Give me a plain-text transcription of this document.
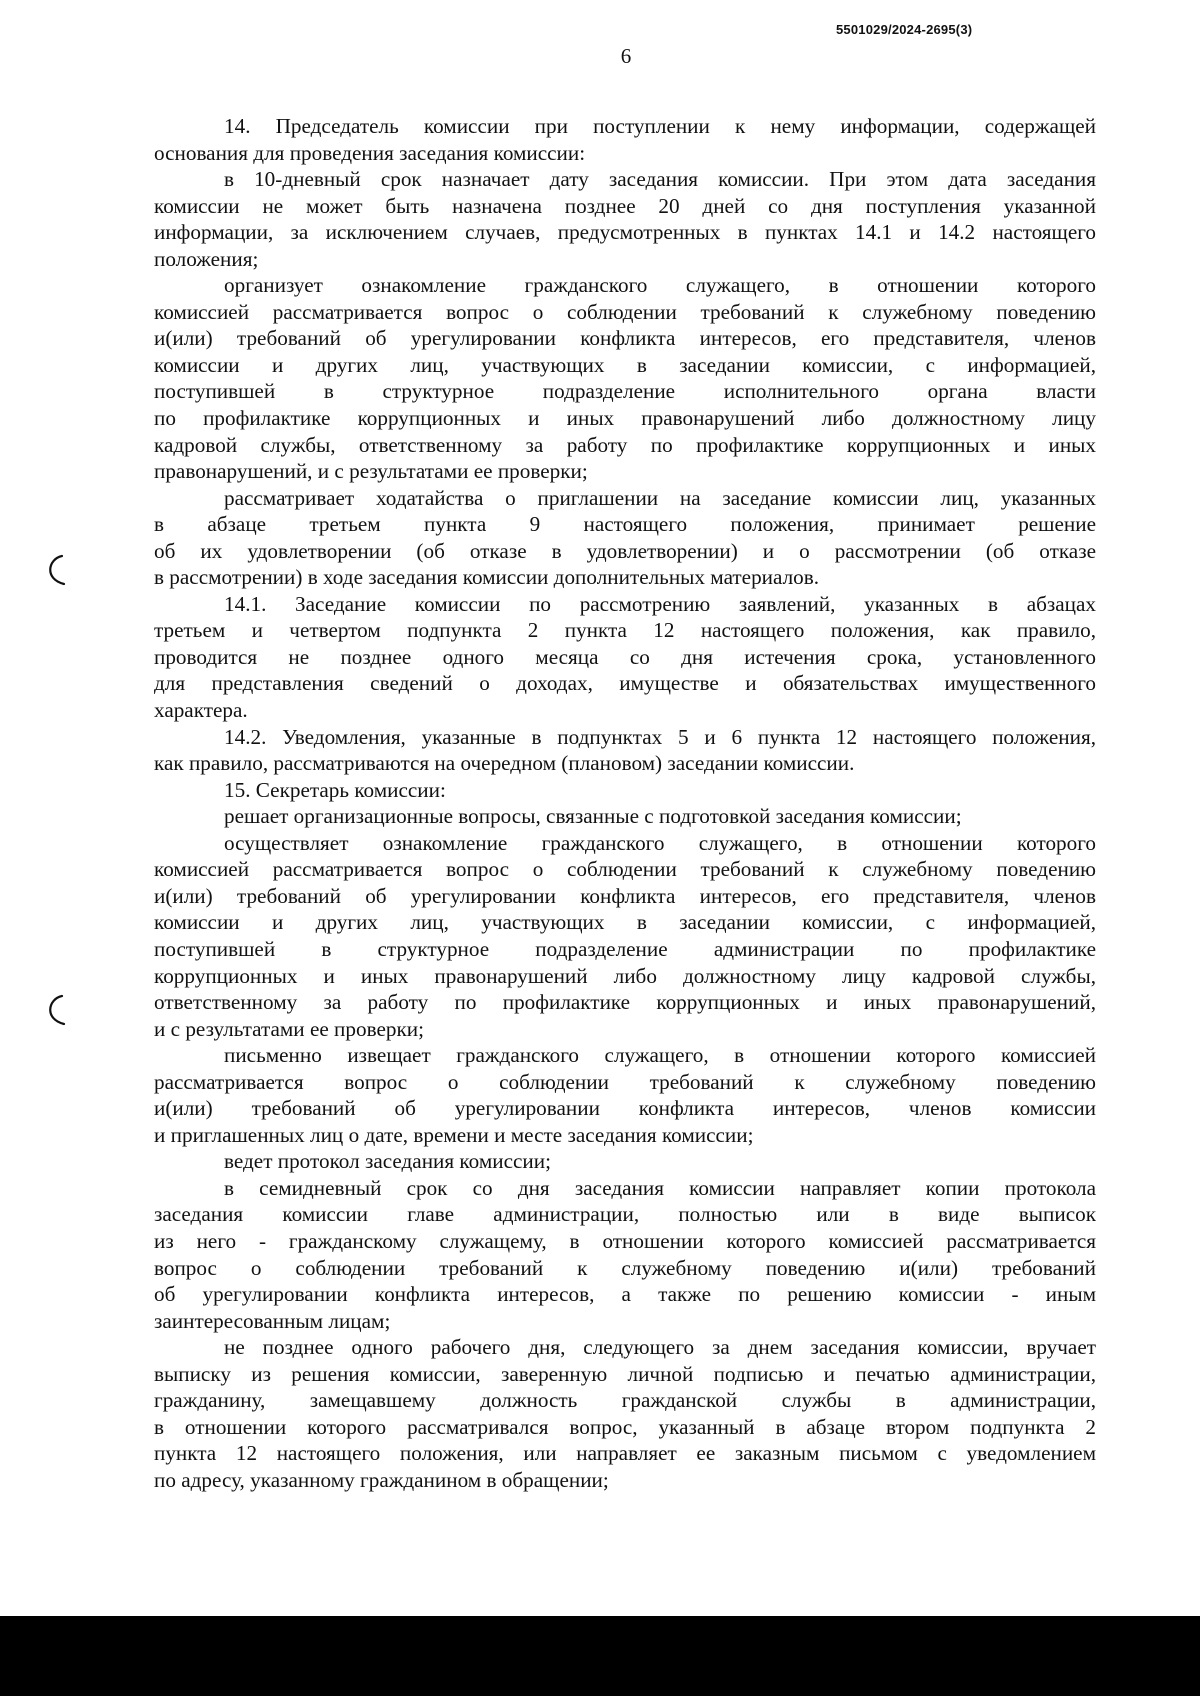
5501029/2024-2695(3)
6
14. Председатель комиссии при поступлении к нему информации, содержащей
основания для проведения заседания комиссии:
в 10-дневный срок назначает дату заседания комиссии. При этом дата заседания
комиссии не может быть назначена позднее 20 дней со дня поступления указанной
информации, за исключением случаев, предусмотренных в пунктах 14.1 и 14.2 настоящего
положения;
организует ознакомление гражданского служащего, в отношении которого
комиссией рассматривается вопрос о соблюдении требований к служебному поведению
и(или) требований об урегулировании конфликта интересов, его представителя, членов
комиссии и других лиц, участвующих в заседании комиссии, с информацией,
поступившей в структурное подразделение исполнительного органа власти
по профилактике коррупционных и иных правонарушений либо должностному лицу
кадровой службы, ответственному за работу по профилактике коррупционных и иных
правонарушений, и с результатами ее проверки;
рассматривает ходатайства о приглашении на заседание комиссии лиц, указанных
в абзаце третьем пункта 9 настоящего положения, принимает решение
об их удовлетворении (об отказе в удовлетворении) и о рассмотрении (об отказе
в рассмотрении) в ходе заседания комиссии дополнительных материалов.
14.1. Заседание комиссии по рассмотрению заявлений, указанных в абзацах
третьем и четвертом подпункта 2 пункта 12 настоящего положения, как правило,
проводится не позднее одного месяца со дня истечения срока, установленного
для представления сведений о доходах, имуществе и обязательствах имущественного
характера.
14.2. Уведомления, указанные в подпунктах 5 и 6 пункта 12 настоящего положения,
как правило, рассматриваются на очередном (плановом) заседании комиссии.
15. Секретарь комиссии:
решает организационные вопросы, связанные с подготовкой заседания комиссии;
осуществляет ознакомление гражданского служащего, в отношении которого
комиссией рассматривается вопрос о соблюдении требований к служебному поведению
и(или) требований об урегулировании конфликта интересов, его представителя, членов
комиссии и других лиц, участвующих в заседании комиссии, с информацией,
поступившей в структурное подразделение администрации по профилактике
коррупционных и иных правонарушений либо должностному лицу кадровой службы,
ответственному за работу по профилактике коррупционных и иных правонарушений,
и с результатами ее проверки;
письменно извещает гражданского служащего, в отношении которого комиссией
рассматривается вопрос о соблюдении требований к служебному поведению
и(или) требований об урегулировании конфликта интересов, членов комиссии
и приглашенных лиц о дате, времени и месте заседания комиссии;
ведет протокол заседания комиссии;
в семидневный срок со дня заседания комиссии направляет копии протокола
заседания комиссии главе администрации, полностью или в виде выписок
из него - гражданскому служащему, в отношении которого комиссией рассматривается
вопрос о соблюдении требований к служебному поведению и(или) требований
об урегулировании конфликта интересов, а также по решению комиссии - иным
заинтересованным лицам;
не позднее одного рабочего дня, следующего за днем заседания комиссии, вручает
выписку из решения комиссии, заверенную личной подписью и печатью администрации,
гражданину, замещавшему должность гражданской службы в администрации,
в отношении которого рассматривался вопрос, указанный в абзаце втором подпункта 2
пункта 12 настоящего положения, или направляет ее заказным письмом с уведомлением
по адресу, указанному гражданином в обращении;
